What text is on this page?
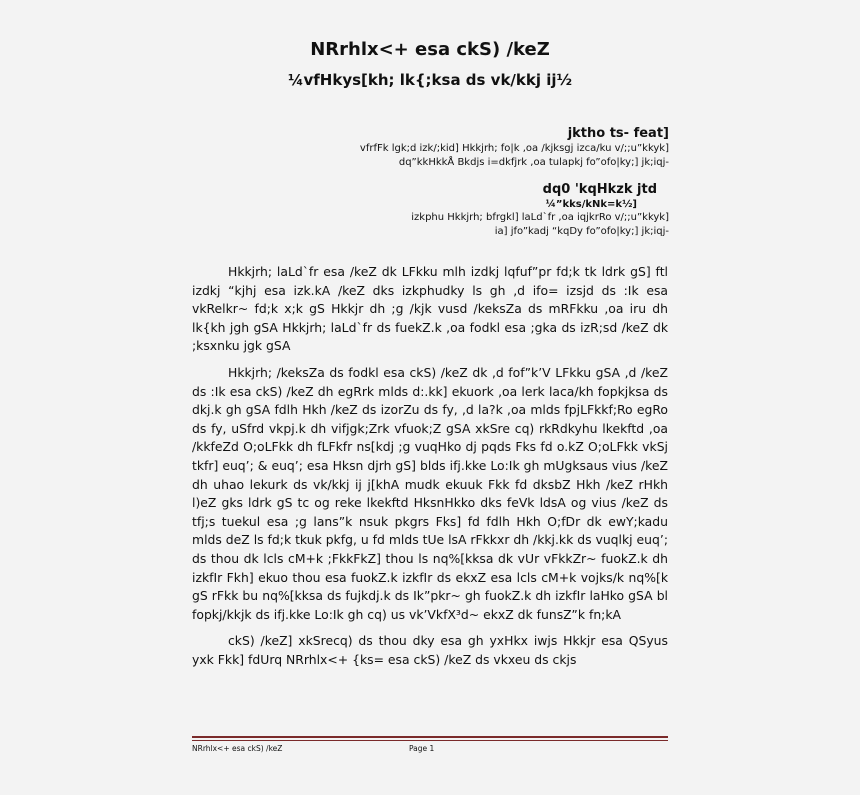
NRrhlx<+ esa ckS) /keZ
¼vfHkys[kh; lk{;ksa ds vk/kkj ij½
jktho ts- feat]
vfrfFk lgk;d izk/;kid] Hkkjrh; fo|k ,oa /kjksgj izca/ku v/;;u”kkyk]
dq”kkHkkÅ Bkdjs i=dkfjrk ,oa tulapkj fo”ofo|ky;] jk;iqj-
dq0 'kqHkzk jtd
¼”kks/kNk=k½]
izkphu Hkkjrh; bfrgkl] laLd`fr ,oa iqjkrRo v/;;u”kkyk]
ia] jfo”kadj “kqDy fo”ofo|ky;] jk;iqj-

Hkkjrh; laLd`fr esa /keZ dk LFkku mlh izdkj lqfuf”pr fd;k tk ldrk gS] ftl izdkj “kjhj esa izk.kA /keZ dks izkphudky ls gh ,d ifo= izsjd ds :Ik esa vkRelkr~ fd;k x;k gS Hkkjr dh ;g /kjk vusd /keksZa ds mRFkku ,oa iru dh lk{kh jgh gSA Hkkjrh; laLd`fr ds fuekZ.k ,oa fodkl esa ;gka ds izR;sd /keZ dk ;ksxnku jgk gSA

Hkkjrh; /keksZa ds fodkl esa ckS) /keZ dk ,d fof”k’V LFkku gSA ,d /keZ ds :Ik esa ckS) /keZ dh egRrk mlds d:.kk] ekuork ,oa lerk laca/kh fopkjksa ds dkj.k gh gSA fdlh Hkh /keZ ds izorZu ds fy, ,d la?k ,oa mlds fpjLFkkf;Ro egRo ds fy, uSfrd vkpj.k dh vifjgk;Zrk vfuok;Z gSA xkSre cq) rkRdkyhu lkekftd ,oa /kkfeZd O;oLFkk dh fLFkfr ns[kdj ;g vuqHko dj pqds Fks fd o.kZ O;oLFkk vkSj tkfr] euq’; & euq’; esa Hksn djrh gS] blds ifj.kke Lo:Ik gh mUgksaus vius /keZ dh uhao lekurk ds vk/kkj ij j[khA mudk ekuuk Fkk fd dksbZ Hkh /keZ rHkh l)eZ gks ldrk gS tc og reke lkekftd HksnHkko dks feVk ldsA og vius /keZ ds tfj;s tuekul esa ;g lans”k nsuk pkgrs Fks] fd fdlh Hkh O;fDr dk ewY;kadu mlds deZ ls fd;k tkuk pkfg, u fd mlds tUe lsA rFkkxr dh /kkj.kk ds vuqlkj euq’; ds thou dk lcls cM+k ;FkkFkZ] thou ls nq%[kksa dk vUr vFkkZr~ fuokZ.k dh izkfIr Fkh] ekuo thou esa fuokZ.k izkfIr ds ekxZ esa lcls cM+k vojks/k nq%[k gS rFkk bu nq%[kksa ds fujkdj.k ds Ik”pkr~ gh fuokZ.k dh izkfIr laHko gSA bl fopkj/kkjk ds ifj.kke Lo:Ik gh cq) us vk’VkfX³d~ ekxZ dk funsZ”k fn;kA

ckS) /keZ] xkSrecq) ds thou dky esa gh yxHkx iwjs Hkkjr esa QSyus yxk Fkk] fdUrq NRrhlx<+ {ks= esa ckS) /keZ ds vkxeu ds ckjs

NRrhlx<+ esa ckS) /keZ	Page 1
